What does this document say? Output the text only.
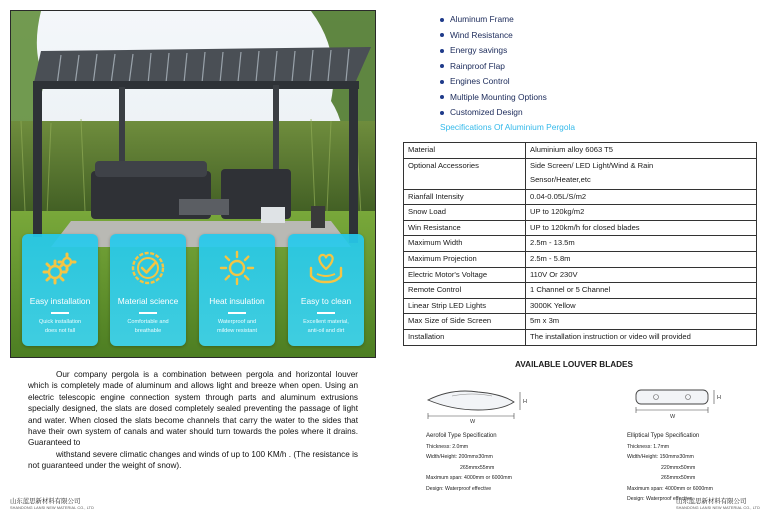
Easy installation
Quick installation
does not fall
Material science
Comfortable and
breathable
Heat insulation
Waterproof and
mildew resistant
Easy to clean
Excellent material,
anti-oil and dirt
Aluminum Frame
Wind Resistance
Energy savings
Rainproof Flap
Engines Control
Multiple Mounting Options
Customized Design
Specifications Of Aluminium Pergola
Material	Aluminium alloy 6063 T5
Optional Accessories	Side Screen/ LED Light/Wind & Rain
Sensor/Heater,etc
Rianfall Intensity	0.04-0.05L/S/m2
Snow Load	UP to 120kg/m2
Win Resistance	UP to 120km/h for closed blades
Maximum Width	2.5m - 13.5m
Maximum Projection	2.5m - 5.8m
Electric Motor's Voltage	110V Or 230V
Remote Control	1 Channel or 5 Channel
Linear Strip LED Lights	3000K Yellow
Max Size of Side Screen	5m x 3m
Installation	The installation instruction or video will provided
AVAILABLE LOUVER BLADES
W
H
Aerofoil Type Specification
Thickness: 2.0mm
Width/Height: 200mmx30mm
265mmx55mm
Maximum span: 4000mm or 6000mm
Design: Waterproof effective
W
H
Elliptical Type Specification
Thickness: 1.7mm
Width/Height: 150mmx30mm
220mmx50mm
265mmx50mm
Maximum span: 4000mm or 6000mm
Design: Waterproof effective

Our company pergola is a combination between pergola and horizontal louver which is completely made of aluminum and allows light and breeze when open. Using an electric telescopic engine connection system through parts and aluminum extrusions specially designed, the slats are dosed completely sealed preventing the passage of light and water. When closed the slats become channels that carry the water to the sides that have their own system of canals and water should turn towards the poles where it drains. Guaranteed to

withstand severe climatic changes and winds of up to 100 KM/h . (The resistance is not guaranteed under the weight of snow).

山东蓝思新材料有限公司
SHANDONG LANSI NEW MATERIAL CO., LTD
山东蓝思新材料有限公司
SHANDONG LANSI NEW MATERIAL CO., LTD
